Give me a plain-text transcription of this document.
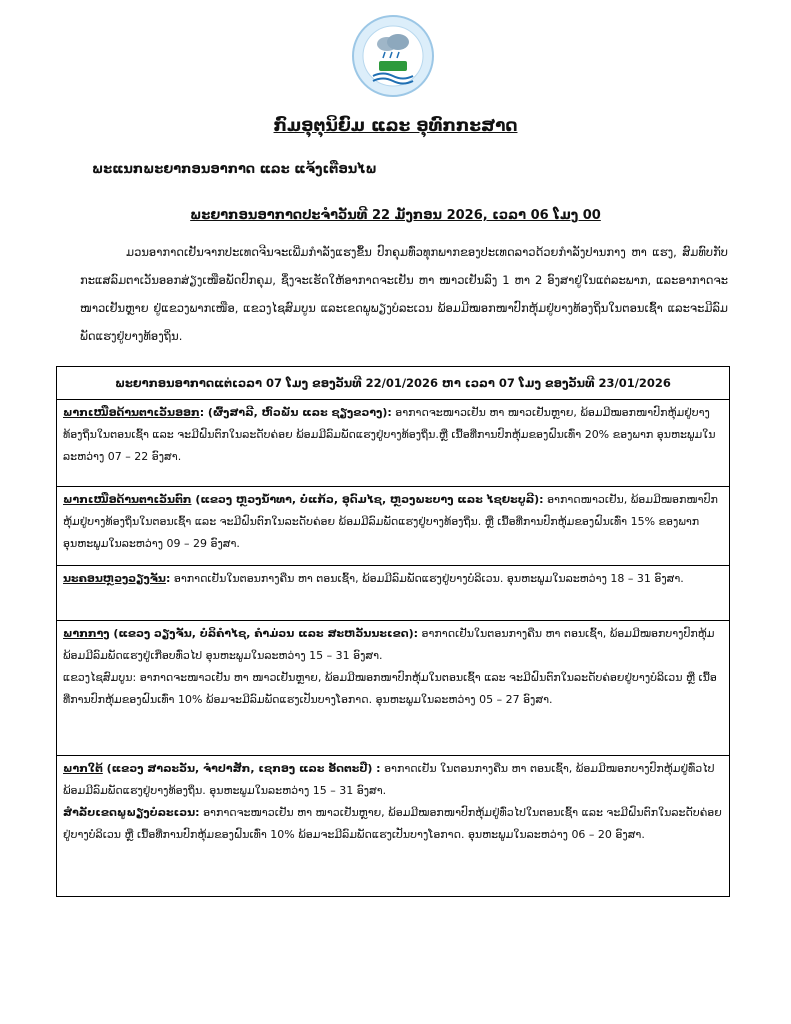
ກົມອຸຕຸນິຍົມ ແລະ ອຸທົກກະສາດ
ພະແນກພະຍາກອນອາກາດ ແລະ ແຈ້ງເຕືອນໄພ
ພະຍາກອນອາກາດປະຈຳວັນທີ 22 ມັງກອນ 2026, ເວລາ 06 ໂມງ 00

ມວນອາກາດເຢັນຈາກປະເທດຈີນຈະເພີ່ມກຳລັງແຮງຂຶ້ນ ປົກຄຸມທົ່ວທຸກພາກຂອງປະເທດລາວດ້ວຍກຳລັງປານກາງ ຫາ ແຮງ, ສົມທົບກັບກະແສລົມຕາເວັນອອກສ່ຽງເໜືອພັດປົກຄຸມ, ຊຶ່ງຈະເຮັດໃຫ້ອາກາດຈະເຢັນ ຫາ ໜາວເຢັນລົງ 1 ຫາ 2 ອົງສາຢູ່ໃນແຕ່ລະພາກ, ແລະອາກາດຈະໜາວເຢັນຫຼາຍ ຢູ່ແຂວງພາກເໜືອ, ແຂວງໄຊສົມບູນ ແລະເຂດພູພຽງບໍລະເວນ ພ້ອມມີໝອກໜາປົກຫຸ້ມຢູ່ບາງທ້ອງຖິ່ນໃນຕອນເຊົ້າ ແລະຈະມີລົມພັດແຮງຢູ່ບາງທ້ອງຖິ່ນ.

ພະຍາກອນອາກາດແຕ່ເວລາ 07 ໂມງ ຂອງວັນທີ 22/01/2026 ຫາ ເວລາ 07 ໂມງ ຂອງວັນທີ 23/01/2026

ພາກເໜືອດ້ານຕາເວັນອອກ: (ຜົ້ງສາລີ, ຫົວພັນ ແລະ ຊຽງຂວາງ): ອາກາດຈະໜາວເຢັນ ຫາ ໜາວເຢັນຫຼາຍ, ພ້ອມມີໝອກໜາປົກຫຸ້ມຢູ່ບາງທ້ອງຖິ່ນໃນຕອນເຊົ້າ ແລະ ຈະມີຝົນຕົກໃນລະດັບຄ່ອຍ ພ້ອມມີລົມພັດແຮງຢູ່ບາງທ້ອງຖິ່ນ.ຫຼື ເນື້ອທີ່ການປົກຫຸ້ມຂອງຝົນເທົ່າ 20% ຂອງພາກ ອຸນຫະພູມໃນລະຫວ່າງ 07 – 22 ອົງສາ.

ພາກເໜືອດ້ານຕາເວັນຕົກ (ແຂວງ ຫຼວງນ້ຳທາ, ບໍ່ແກ້ວ, ອຸດົມໄຊ, ຫຼວງພະບາງ ແລະ ໄຊຍະບູລີ): ອາກາດໜາວເຢັນ, ພ້ອມມີໝອກໜາປົກຫຸ້ມຢູ່ບາງທ້ອງຖິ່ນໃນຕອນເຊົ້າ ແລະ ຈະມີຝົນຕົກໃນລະດັບຄ່ອຍ ພ້ອມມີລົມພັດແຮງຢູ່ບາງທ້ອງຖິ່ນ. ຫຼື ເນື້ອທີ່ການປົກຫຸ້ມຂອງຝົນເທົ່າ 15% ຂອງພາກ ອຸນຫະພູມໃນລະຫວ່າງ 09 – 29 ອົງສາ.

ນະຄອນຫຼວງວຽງຈັນ: ອາກາດເຢັນໃນຕອນກາງຄືນ ຫາ ຕອນເຊົ້າ, ພ້ອມມີລົມພັດແຮງຢູ່ບາງບໍລິເວນ. ອຸນຫະພູມໃນລະຫວ່າງ 18 – 31 ອົງສາ.

ພາກກາງ (ແຂວງ ວຽງຈັນ, ບໍລິຄຳໄຊ, ຄຳມ່ວນ ແລະ ສະຫວັນນະເຂດ): ອາກາດເຢັນໃນຕອນກາງຄືນ ຫາ ຕອນເຊົ້າ, ພ້ອມມີໝອກບາງປົກຫຸ້ມ ພ້ອມມີລົມພັດແຮງຢູ່ເກືອບທົ່ວໄປ ອຸນຫະພູມໃນລະຫວ່າງ 15 – 31 ອົງສາ.

ແຂວງໄຊສົມບູນ: ອາກາດຈະໜາວເຢັນ ຫາ ໜາວເຢັນຫຼາຍ, ພ້ອມມີໝອກໜາປົກຫຸ້ມໃນຕອນເຊົ້າ ແລະ ຈະມີຝົນຕົກໃນລະດັບຄ່ອຍຢູ່ບາງບໍລິເວນ ຫຼື ເນື້ອທີ່ການປົກຫຸ້ມຂອງຝົນເທົ່າ 10% ພ້ອມຈະມີລົມພັດແຮງເປັນບາງໂອກາດ. ອຸນຫະພູມໃນລະຫວ່າງ 05 – 27 ອົງສາ.

ພາກໃຕ້ (ແຂວງ ສາລະວັນ, ຈຳປາສັກ, ເຊກອງ ແລະ ອັດຕະປື) : ອາກາດເຢັນ ໃນຕອນກາງຄືນ ຫາ ຕອນເຊົ້າ, ພ້ອມມີໝອກບາງປົກຫຸ້ມຢູ່ທົ່ວໄປ ພ້ອມມີລົມພັດແຮງຢູ່ບາງທ້ອງຖິ່ນ. ອຸນຫະພູມໃນລະຫວ່າງ 15 – 31 ອົງສາ.

ສຳລັບເຂດພູພຽງບໍລະເວນ: ອາກາດຈະໜາວເຢັນ ຫາ ໜາວເຢັນຫຼາຍ, ພ້ອມມີໝອກໜາປົກຫຸ້ມຢູ່ທົ່ວໄປໃນຕອນເຊົ້າ ແລະ ຈະມີຝົນຕົກໃນລະດັບຄ່ອຍຢູ່ບາງບໍລິເວນ ຫຼື ເນື້ອທີ່ການປົກຫຸ້ມຂອງຝົນເທົ່າ 10% ພ້ອມຈະມີລົມພັດແຮງເປັນບາງໂອກາດ. ອຸນຫະພູມໃນລະຫວ່າງ 06 – 20 ອົງສາ.
